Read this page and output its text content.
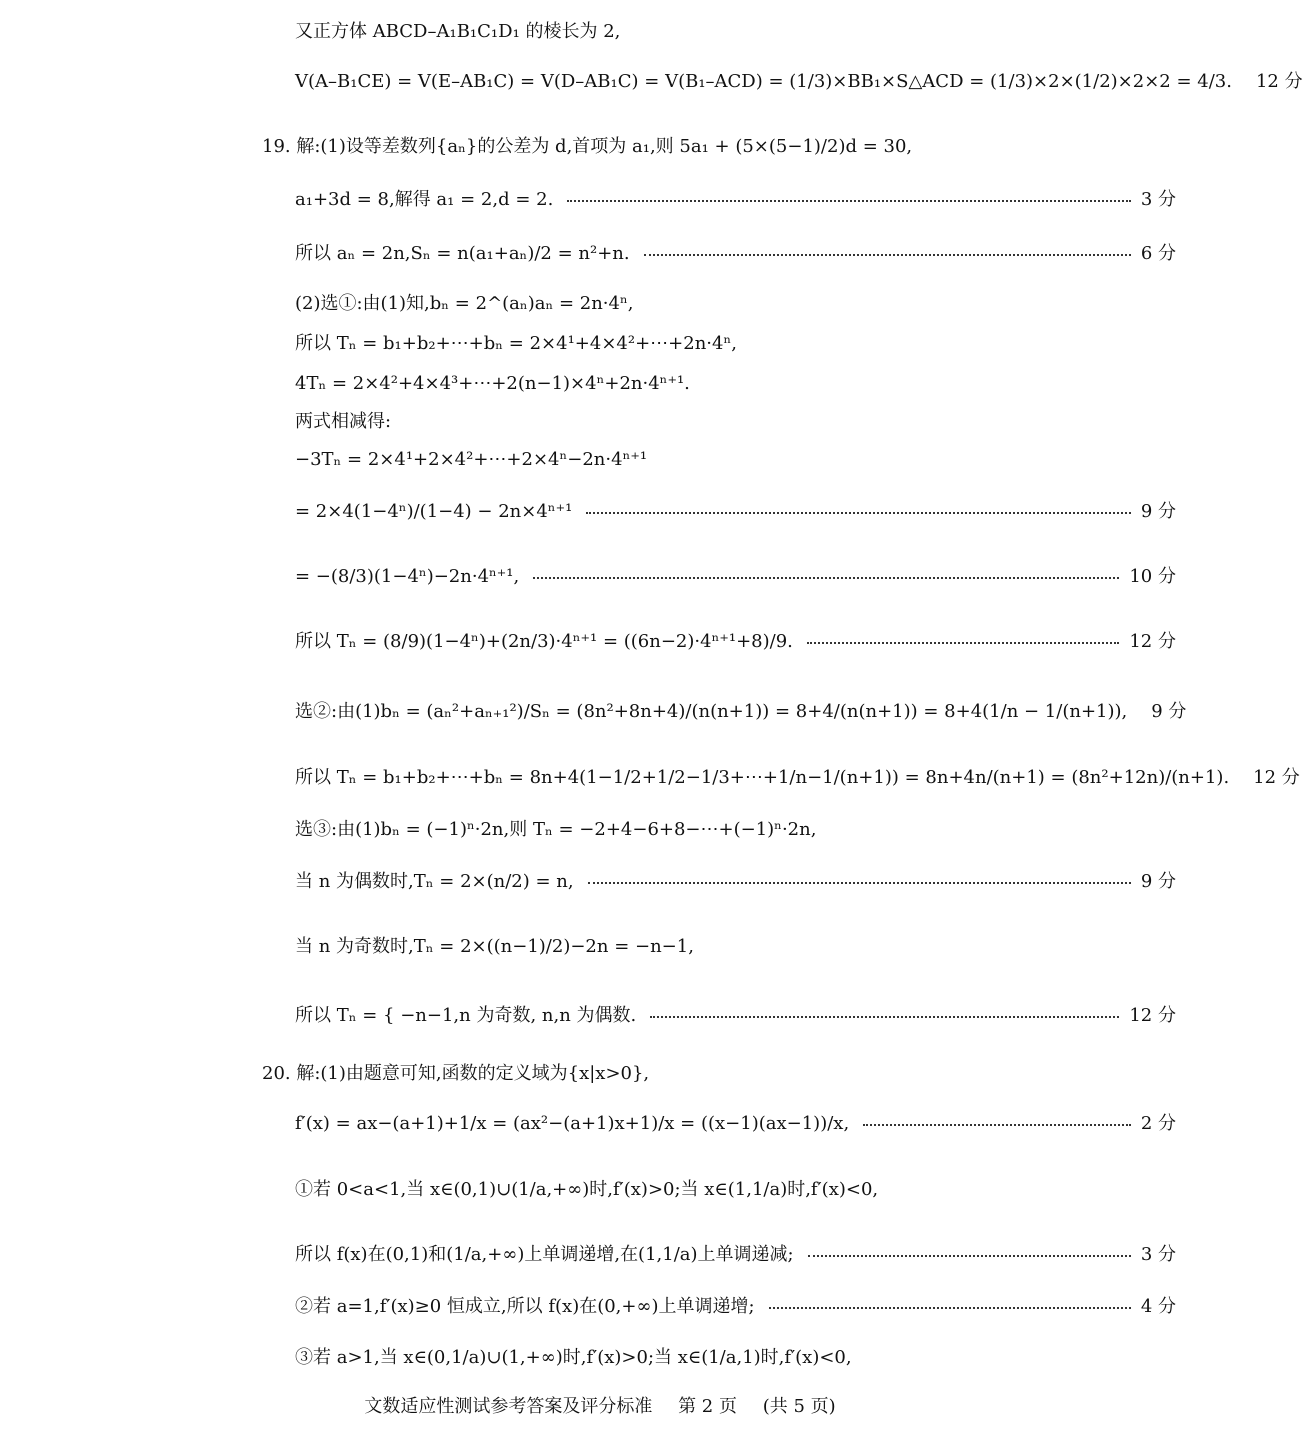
又正方体 ABCD–A₁B₁C₁D₁ 的棱长为 2,
V(A–B₁CE) = V(E–AB₁C) = V(D–AB₁C) = V(B₁–ACD) = (1/3)×BB₁×S△ACD = (1/3)×2×(1/2)×2×2 = 4/3. 12 分
19. 解:(1)设等差数列{aₙ}的公差为 d,首项为 a₁,则 5a₁ + (5×(5−1)/2)d = 30,
a₁+3d = 8,解得 a₁ = 2,d = 2.	3 分
所以 aₙ = 2n,Sₙ = n(a₁+aₙ)/2 = n²+n.	6 分
(2)选①:由(1)知,bₙ = 2^(aₙ)aₙ = 2n·4ⁿ,
所以 Tₙ = b₁+b₂+⋯+bₙ = 2×4¹+4×4²+⋯+2n·4ⁿ,
4Tₙ = 2×4²+4×4³+⋯+2(n−1)×4ⁿ+2n·4ⁿ⁺¹.
两式相减得:
−3Tₙ = 2×4¹+2×4²+⋯+2×4ⁿ−2n·4ⁿ⁺¹
= 2×4(1−4ⁿ)/(1−4) − 2n×4ⁿ⁺¹	9 分
= −(8/3)(1−4ⁿ)−2n·4ⁿ⁺¹,	10 分
所以 Tₙ = (8/9)(1−4ⁿ)+(2n/3)·4ⁿ⁺¹ = ((6n−2)·4ⁿ⁺¹+8)/9.	12 分
选②:由(1)bₙ = (aₙ²+aₙ₊₁²)/Sₙ = (8n²+8n+4)/(n(n+1)) = 8+4/(n(n+1)) = 8+4(1/n − 1/(n+1)), 9 分
所以 Tₙ = b₁+b₂+⋯+bₙ = 8n+4(1−1/2+1/2−1/3+⋯+1/n−1/(n+1)) = 8n+4n/(n+1) = (8n²+12n)/(n+1). 12 分
选③:由(1)bₙ = (−1)ⁿ·2n,则 Tₙ = −2+4−6+8−⋯+(−1)ⁿ·2n,
当 n 为偶数时,Tₙ = 2×(n/2) = n,	9 分
当 n 为奇数时,Tₙ = 2×((n−1)/2)−2n = −n−1,
所以 Tₙ = { −n−1,n 为奇数, n,n 为偶数.	12 分
20. 解:(1)由题意可知,函数的定义域为{x|x>0},
f′(x) = ax−(a+1)+1/x = (ax²−(a+1)x+1)/x = ((x−1)(ax−1))/x,	2 分
①若 0<a<1,当 x∈(0,1)∪(1/a,+∞)时,f′(x)>0;当 x∈(1,1/a)时,f′(x)<0,
所以 f(x)在(0,1)和(1/a,+∞)上单调递增,在(1,1/a)上单调递减;	3 分
②若 a=1,f′(x)≥0 恒成立,所以 f(x)在(0,+∞)上单调递增;	4 分
③若 a>1,当 x∈(0,1/a)∪(1,+∞)时,f′(x)>0;当 x∈(1/a,1)时,f′(x)<0,
文数适应性测试参考答案及评分标准 第 2 页 (共 5 页)
